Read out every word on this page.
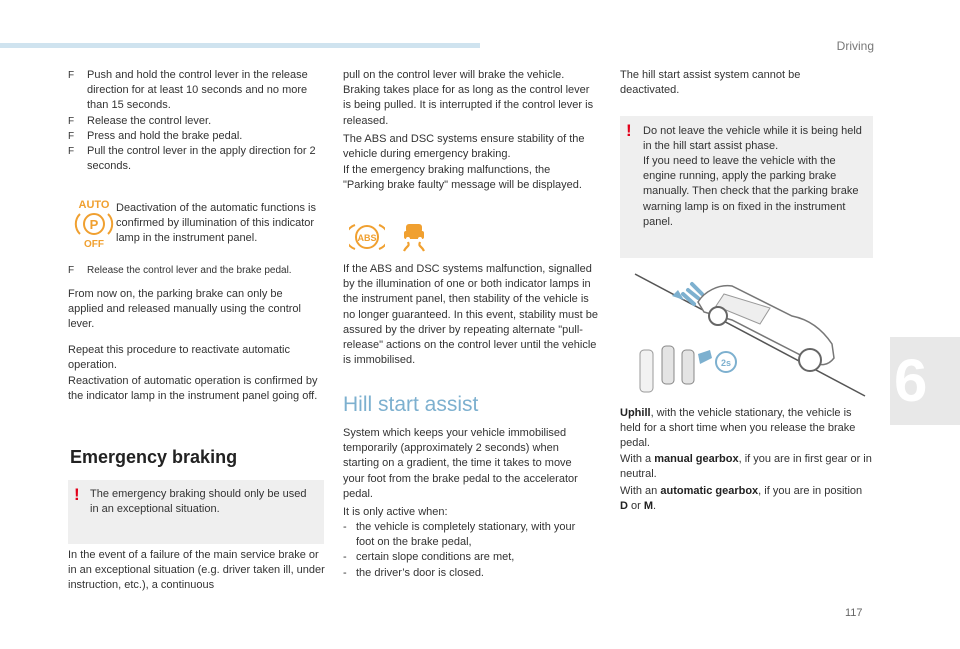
Driving
6
117
F Push and hold the control lever in the release direction for at least 10 seconds and no more than 15 seconds.
F Release the control lever.
F Press and hold the brake pedal.
F Pull the control lever in the apply direction for 2 seconds.
AUTO
P
OFF
Deactivation of the automatic functions is confirmed by illumination of this indicator lamp in the instrument panel.
F Release the control lever and the brake pedal.
From now on, the parking brake can only be applied and released manually using the control lever.
Repeat this procedure to reactivate automatic operation.
Reactivation of automatic operation is confirmed by the indicator lamp in the instrument panel going off.
Emergency braking
! The emergency braking should only be used in an exceptional situation.
In the event of a failure of the main service brake or in an exceptional situation (e.g. driver taken ill, under instruction, etc.), a continuous
pull on the control lever will brake the vehicle. Braking takes place for as long as the control lever is being pulled. It is interrupted if the control lever is released.
The ABS and DSC systems ensure stability of the vehicle during emergency braking.
If the emergency braking malfunctions, the "Parking brake faulty" message will be displayed.
ABS
If the ABS and DSC systems malfunction, signalled by the illumination of one or both indicator lamps in the instrument panel, then stability of the vehicle is no longer guaranteed. In this event, stability must be assured by the driver by repeating alternate "pull-release" actions on the control lever until the vehicle is immobilised.
Hill start assist
System which keeps your vehicle immobilised temporarily (approximately 2 seconds) when starting on a gradient, the time it takes to move your foot from the brake pedal to the accelerator pedal.
It is only active when:
- the vehicle is completely stationary, with your foot on the brake pedal,
- certain slope conditions are met,
- the driver’s door is closed.
The hill start assist system cannot be deactivated.
! Do not leave the vehicle while it is being held in the hill start assist phase.
If you need to leave the vehicle with the engine running, apply the parking brake manually. Then check that the parking brake warning lamp is on fixed in the instrument panel.
2s
Uphill, with the vehicle stationary, the vehicle is held for a short time when you release the brake pedal.
With a manual gearbox, if you are in first gear or in neutral.
With an automatic gearbox, if you are in position D or M.
